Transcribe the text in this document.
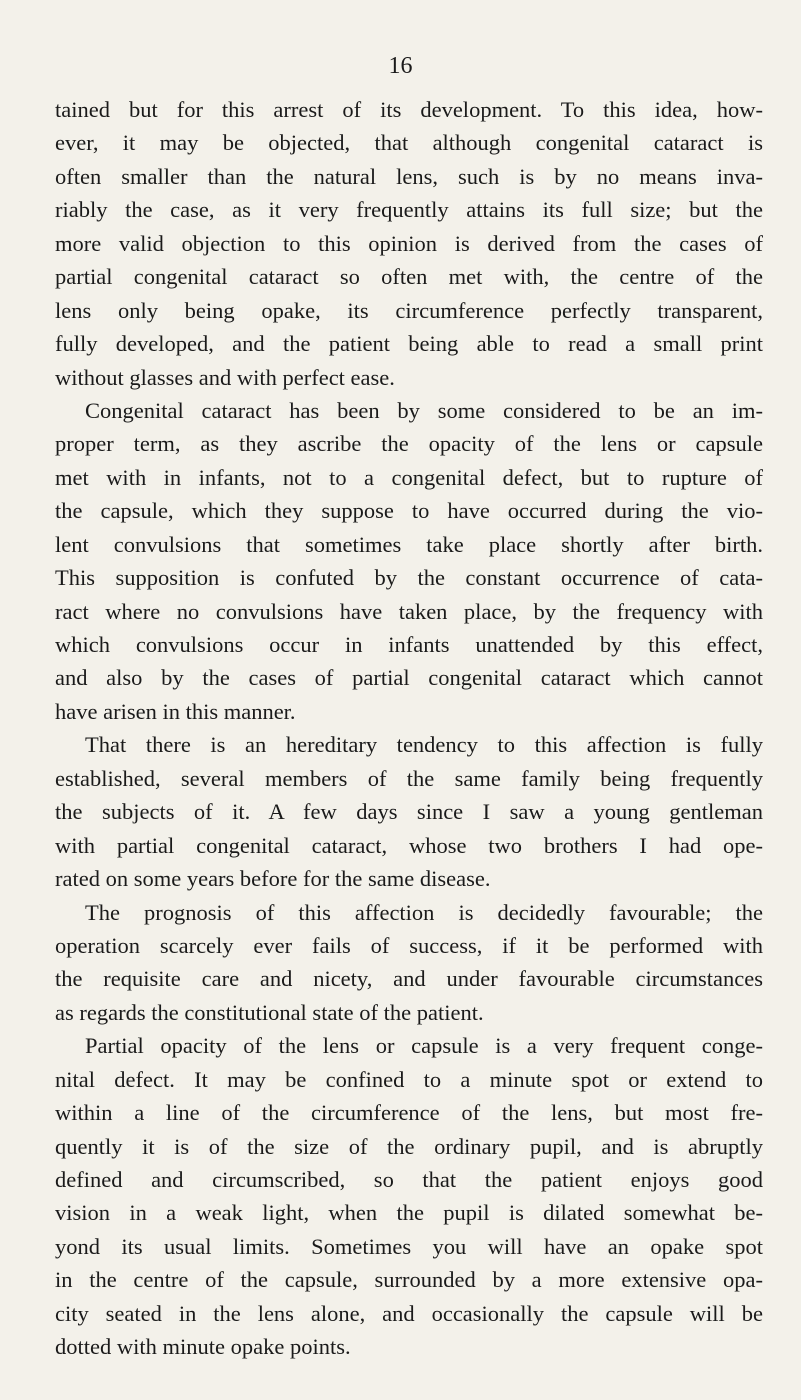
16
tained but for this arrest of its development. To this idea, how-
ever, it may be objected, that although congenital cataract is
often smaller than the natural lens, such is by no means inva-
riably the case, as it very frequently attains its full size; but the
more valid objection to this opinion is derived from the cases of
partial congenital cataract so often met with, the centre of the
lens only being opake, its circumference perfectly transparent,
fully developed, and the patient being able to read a small print
without glasses and with perfect ease.
Congenital cataract has been by some considered to be an im-
proper term, as they ascribe the opacity of the lens or capsule
met with in infants, not to a congenital defect, but to rupture of
the capsule, which they suppose to have occurred during the vio-
lent convulsions that sometimes take place shortly after birth.
This supposition is confuted by the constant occurrence of cata-
ract where no convulsions have taken place, by the frequency with
which convulsions occur in infants unattended by this effect,
and also by the cases of partial congenital cataract which cannot
have arisen in this manner.
That there is an hereditary tendency to this affection is fully
established, several members of the same family being frequently
the subjects of it. A few days since I saw a young gentleman
with partial congenital cataract, whose two brothers I had ope-
rated on some years before for the same disease.
The prognosis of this affection is decidedly favourable; the
operation scarcely ever fails of success, if it be performed with
the requisite care and nicety, and under favourable circumstances
as regards the constitutional state of the patient.
Partial opacity of the lens or capsule is a very frequent conge-
nital defect. It may be confined to a minute spot or extend to
within a line of the circumference of the lens, but most fre-
quently it is of the size of the ordinary pupil, and is abruptly
defined and circumscribed, so that the patient enjoys good
vision in a weak light, when the pupil is dilated somewhat be-
yond its usual limits. Sometimes you will have an opake spot
in the centre of the capsule, surrounded by a more extensive opa-
city seated in the lens alone, and occasionally the capsule will be
dotted with minute opake points.
